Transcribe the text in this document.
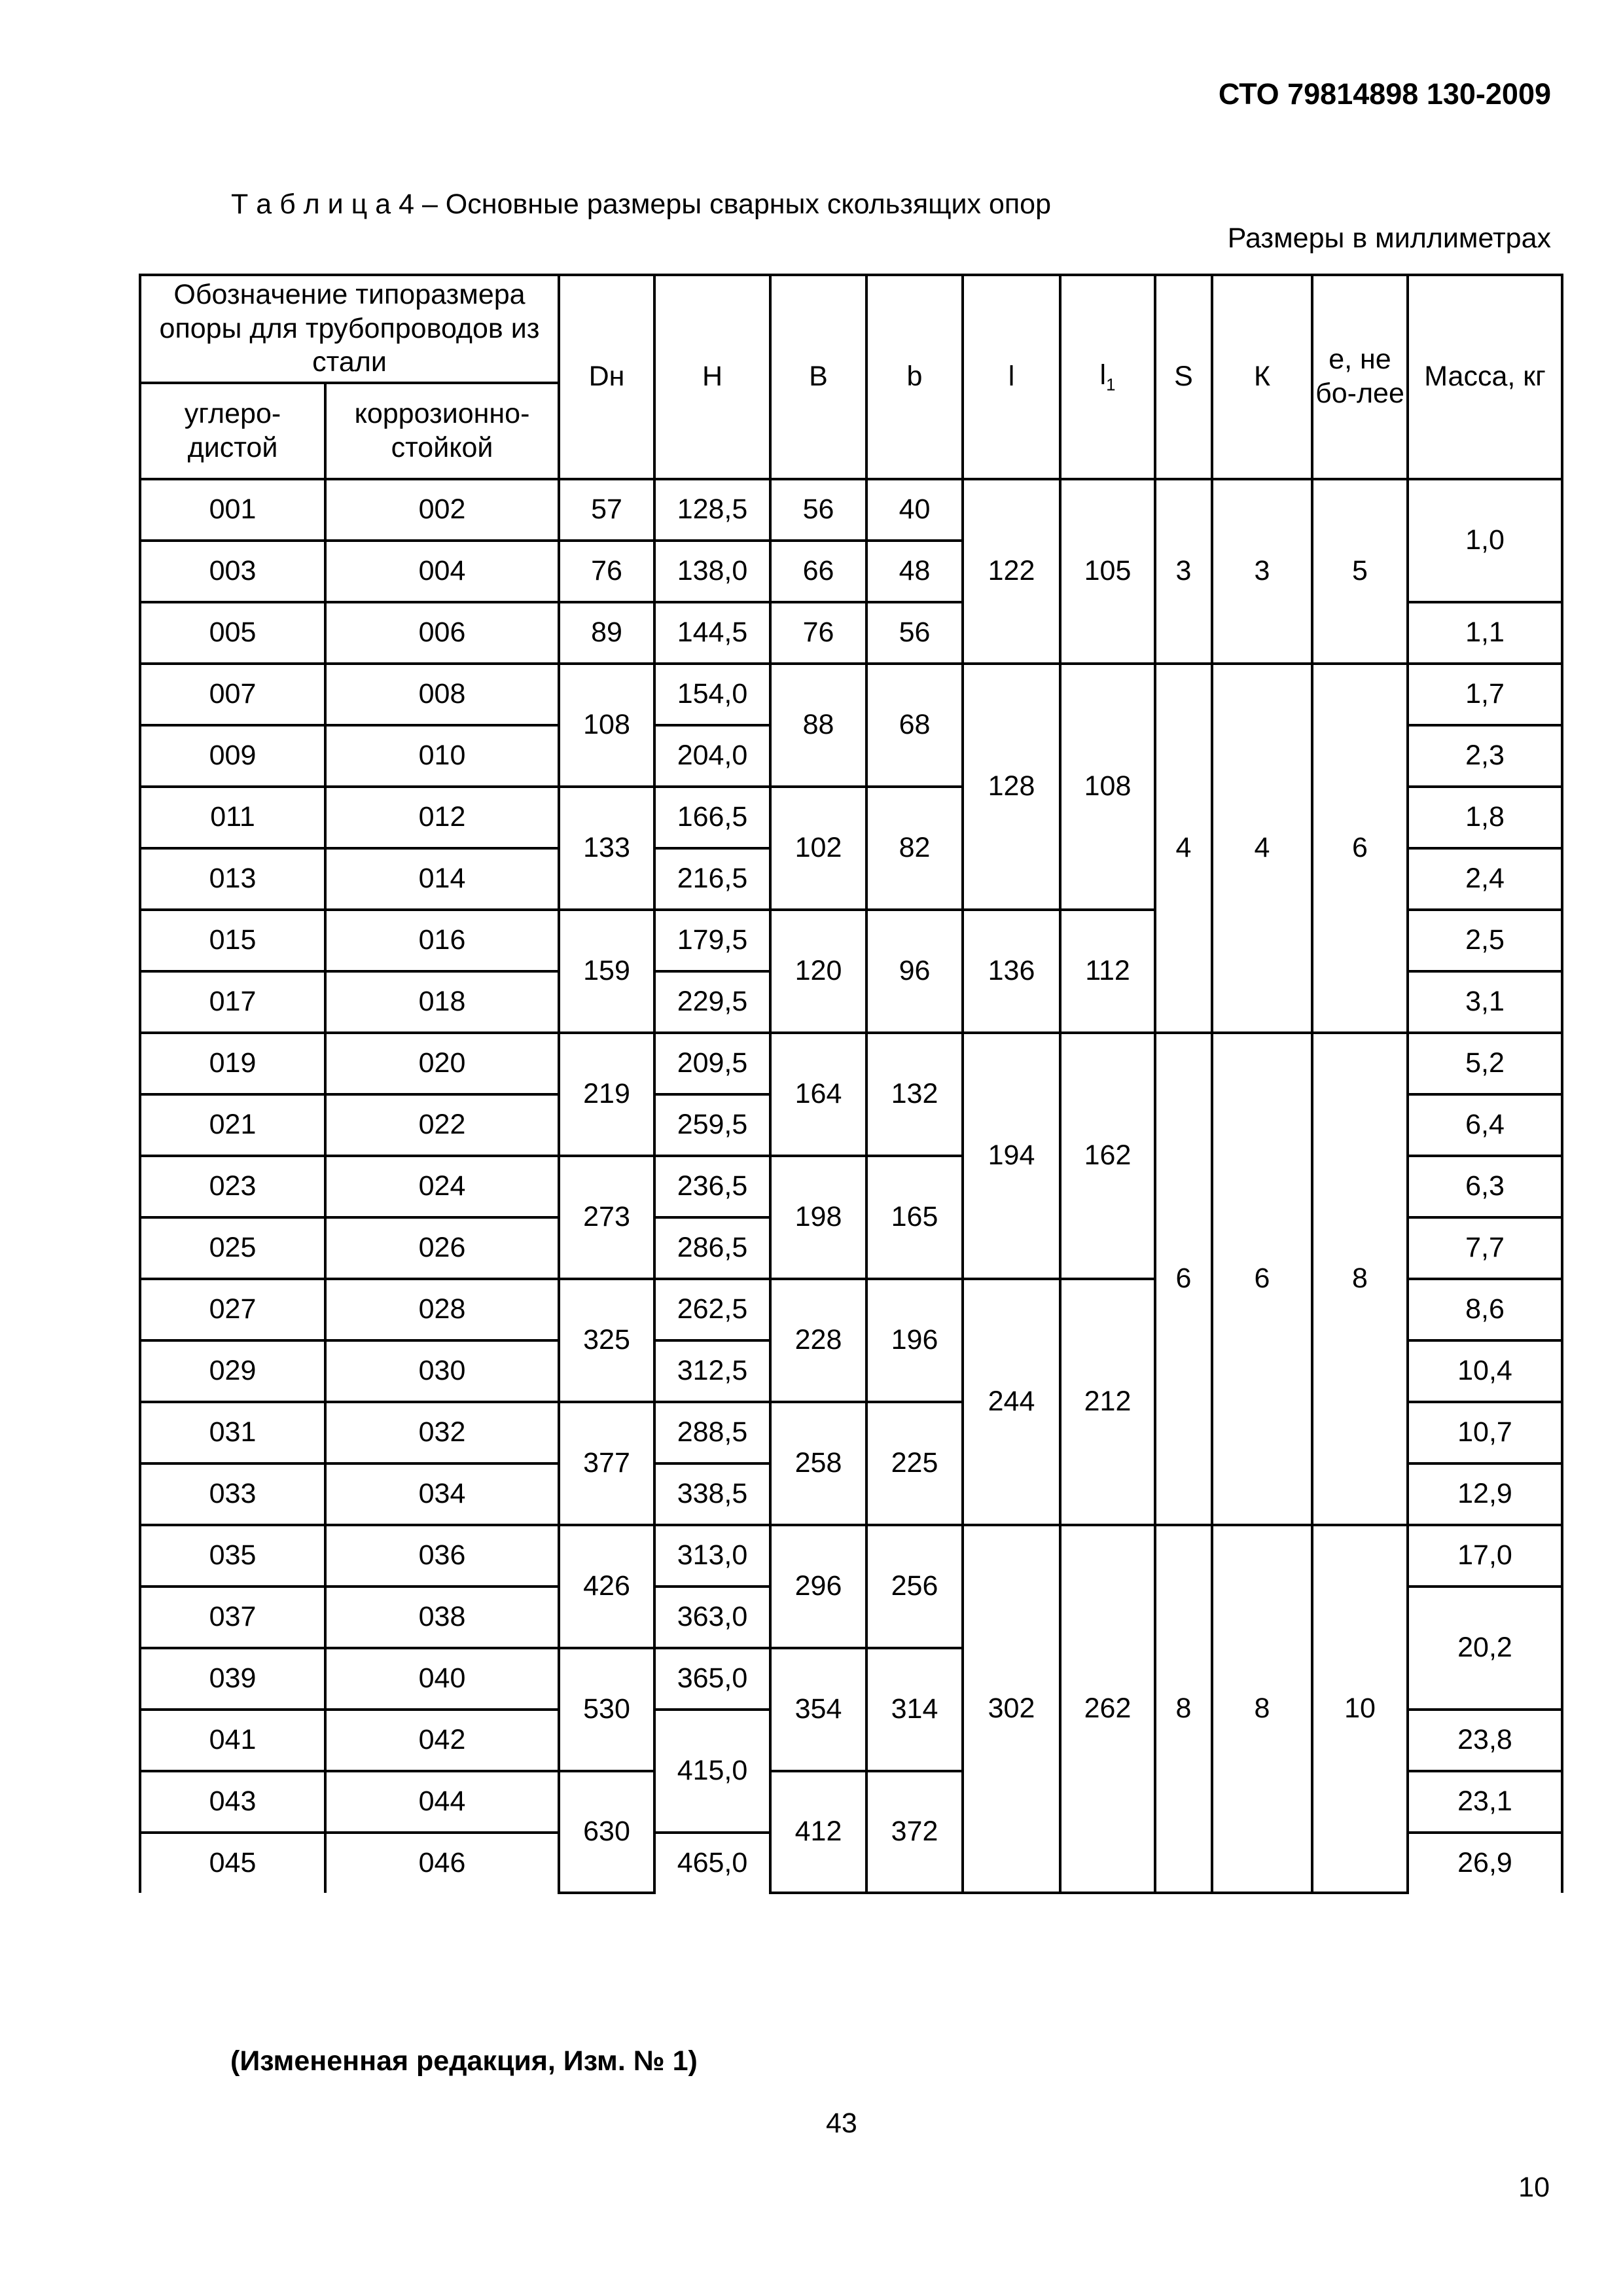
СТО 79814898 130-2009
Т а б л и ц а 4 – Основные размеры сварных скользящих опор
Размеры в миллиметрах
Обозначение типоразмера опоры для трубопроводов из стали		Dн	Н	В	b	l	$l_1$	S	К	е, не бо-лее	Масса, кг
углеро-дистой	коррозионно-стойкой										
001	002	57	128,5	56	40	122	105	3	3	5	1,0
003	004	76	138,0	66	48						
005	006	89	144,5	76	56						1,1
007	008	108	154,0	88	68	128	108	4	4	6	1,7
009	010		204,0								2,3
011	012	133	166,5	102	82						1,8
013	014		216,5								2,4
015	016	159	179,5	120	96	136	112				2,5
017	018		229,5								3,1
019	020	219	209,5	164	132	194	162	6	6	8	5,2
021	022		259,5								6,4
023	024	273	236,5	198	165						6,3
025	026		286,5								7,7
027	028	325	262,5	228	196	244	212				8,6
029	030		312,5								10,4
031	032	377	288,5	258	225						10,7
033	034		338,5								12,9
035	036	426	313,0	296	256	302	262	8	8	10	17,0
037	038		363,0								20,2
039	040	530	365,0	354	314						
041	042		415,0								23,8
043	044	630		412	372						23,1
045	046		465,0								26,9
(Измененная редакция, Изм. № 1)
43
10
